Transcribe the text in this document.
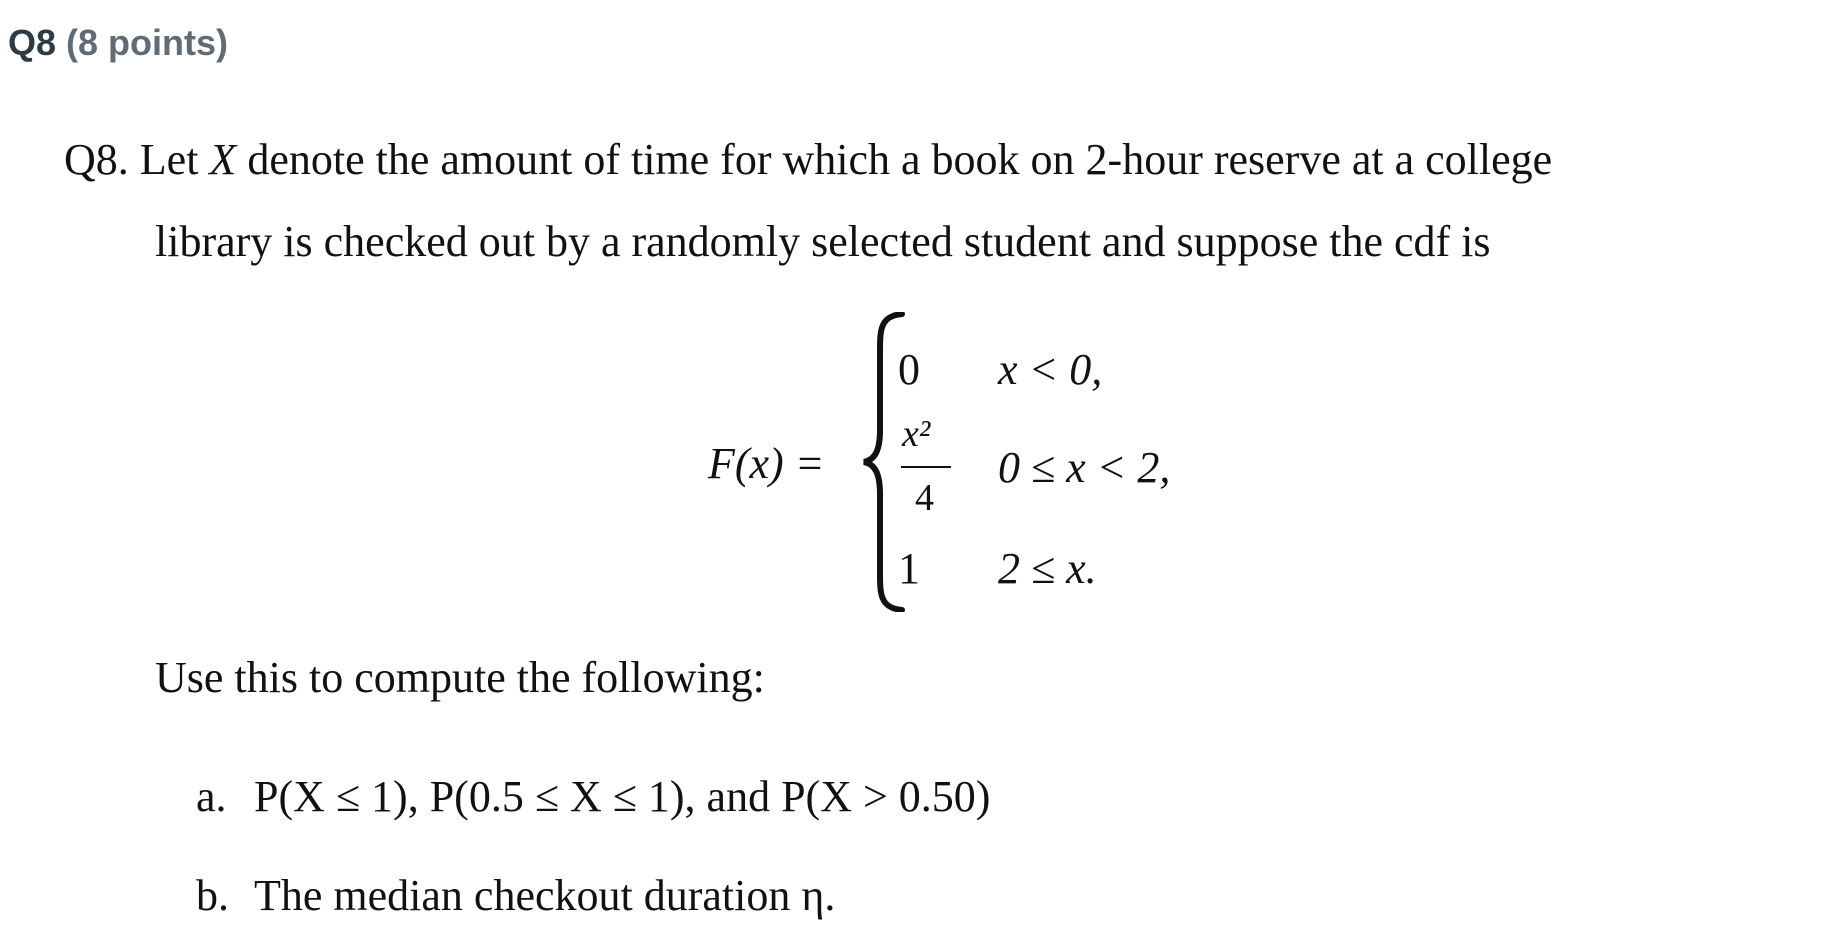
Q8 (8 points)
Q8. Let X denote the amount of time for which a book on 2-hour reserve at a college
library is checked out by a randomly selected student and suppose the cdf is
F(x) =
0 x < 0,
x²
4
0 ≤ x < 2,
1 2 ≤ x.
Use this to compute the following:
a. P(X ≤ 1), P(0.5 ≤ X ≤ 1), and P(X > 0.50)
b. The median checkout duration η.
